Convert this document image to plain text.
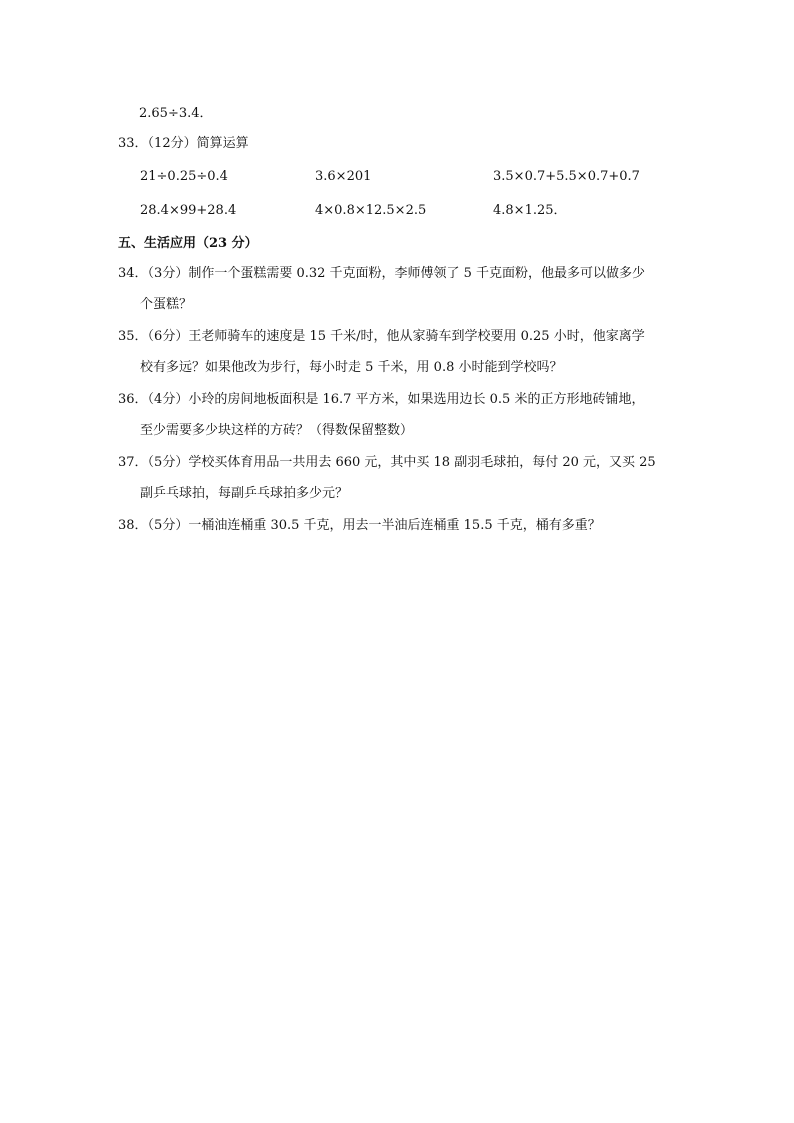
2.65÷3.4．
33．（12分）简算运算
21÷0.25÷0.4	3.6×201	3.5×0.7+5.5×0.7+0.7
28.4×99+28.4	4×0.8×12.5×2.5	4.8×1.25．
五、生活应用（23 分）
34．（3分）制作一个蛋糕需要 0.32 千克面粉，李师傅领了 5 千克面粉，他最多可以做多少
个蛋糕？
35．（6分）王老师骑车的速度是 15 千米/时，他从家骑车到学校要用 0.25 小时，他家离学
校有多远？如果他改为步行，每小时走 5 千米，用 0.8 小时能到学校吗？
36．（4分）小玲的房间地板面积是 16.7 平方米，如果选用边长 0.5 米的正方形地砖铺地，
至少需要多少块这样的方砖？（得数保留整数）
37．（5分）学校买体育用品一共用去 660 元，其中买 18 副羽毛球拍，每付 20 元，又买 25
副乒乓球拍，每副乒乓球拍多少元？
38．（5分）一桶油连桶重 30.5 千克，用去一半油后连桶重 15.5 千克，桶有多重？
